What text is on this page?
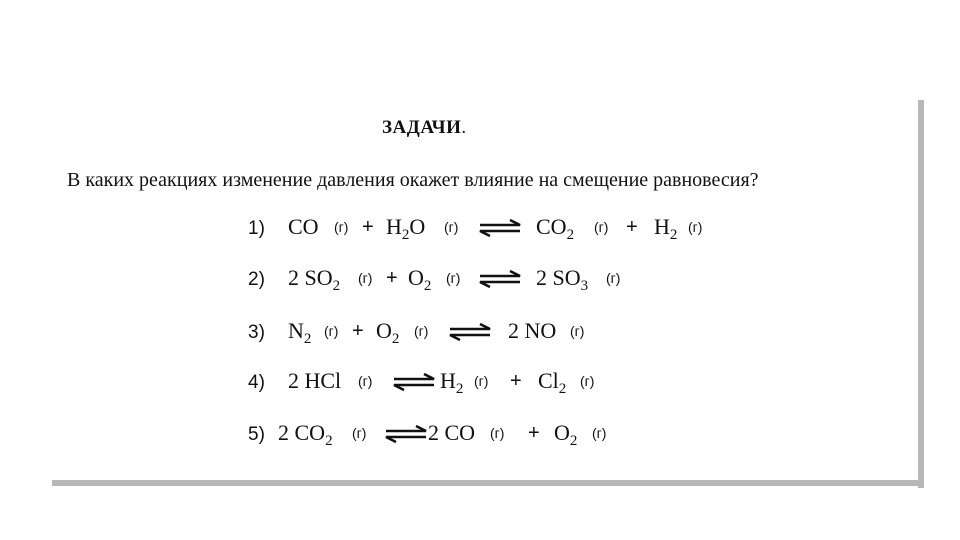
ЗАДАЧИ.
В каких реакциях изменение давления окажет влияние на смещение равновесия?
1) CO $(г) + H_2O$ (г) ⇌ $CO_2$ $(г) + H_2$ (г)
2) 2 $SO_2$ $(г) + O_2$ (г) ⇌ 2 $SO_3$ (г)
3) $N_2$ $(г) + O_2$ (г) ⇌ 2 NO (г)
4) 2 HCl (г) ⇌ $H_2$ $(г) + Cl_2$ (г)
5) 2 $CO_2$ (г) ⇌ 2 CO $(г) + O_2$ (г)
